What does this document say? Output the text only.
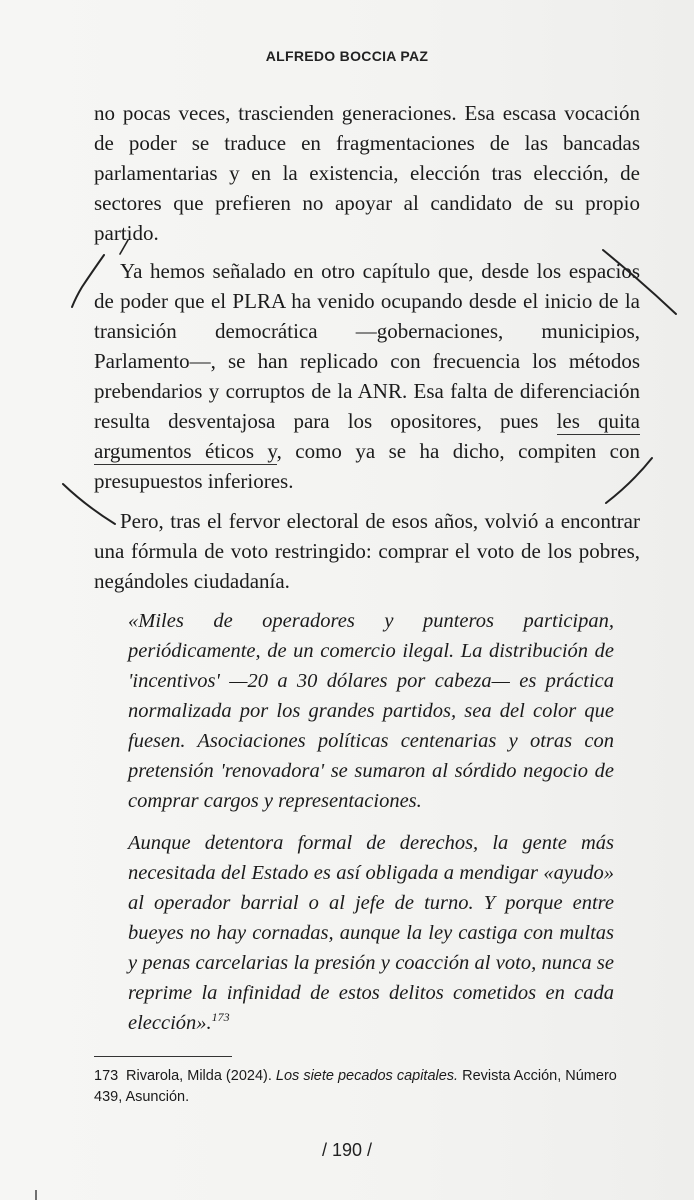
ALFREDO BOCCIA PAZ

no pocas veces, trascienden generaciones. Esa escasa vocación de poder se traduce en fragmentaciones de las bancadas parlamentarias y en la existencia, elección tras elección, de sectores que prefieren no apoyar al candidato de su propio partido.

Ya hemos señalado en otro capítulo que, desde los espacios de poder que el PLRA ha venido ocupando desde el inicio de la transición democrática —gobernaciones, municipios, Parlamento—, se han replicado con frecuencia los métodos prebendarios y corruptos de la ANR. Esa falta de diferenciación resulta desventajosa para los opositores, pues les quita argumentos éticos y, como ya se ha dicho, compiten con presupuestos inferiores.

Pero, tras el fervor electoral de esos años, volvió a encontrar una fórmula de voto restringido: comprar el voto de los pobres, negándoles ciudadanía.

«Miles de operadores y punteros participan, periódicamente, de un comercio ilegal. La distribución de 'incentivos' —20 a 30 dólares por cabeza— es práctica normalizada por los grandes partidos, sea del color que fuesen. Asociaciones políticas centenarias y otras con pretensión 'renovadora' se sumaron al sórdido negocio de comprar cargos y representaciones.

Aunque detentora formal de derechos, la gente más necesitada del Estado es así obligada a mendigar «ayudo» al operador barrial o al jefe de turno. Y porque entre bueyes no hay cornadas, aunque la ley castiga con multas y penas carcelarias la presión y coacción al voto, nunca se reprime la infinidad de estos delitos cometidos en cada elección».$^{173}$

173 Rivarola, Milda (2024). Los siete pecados capitales. Revista Acción, Número 439, Asunción.

/ 190 /
